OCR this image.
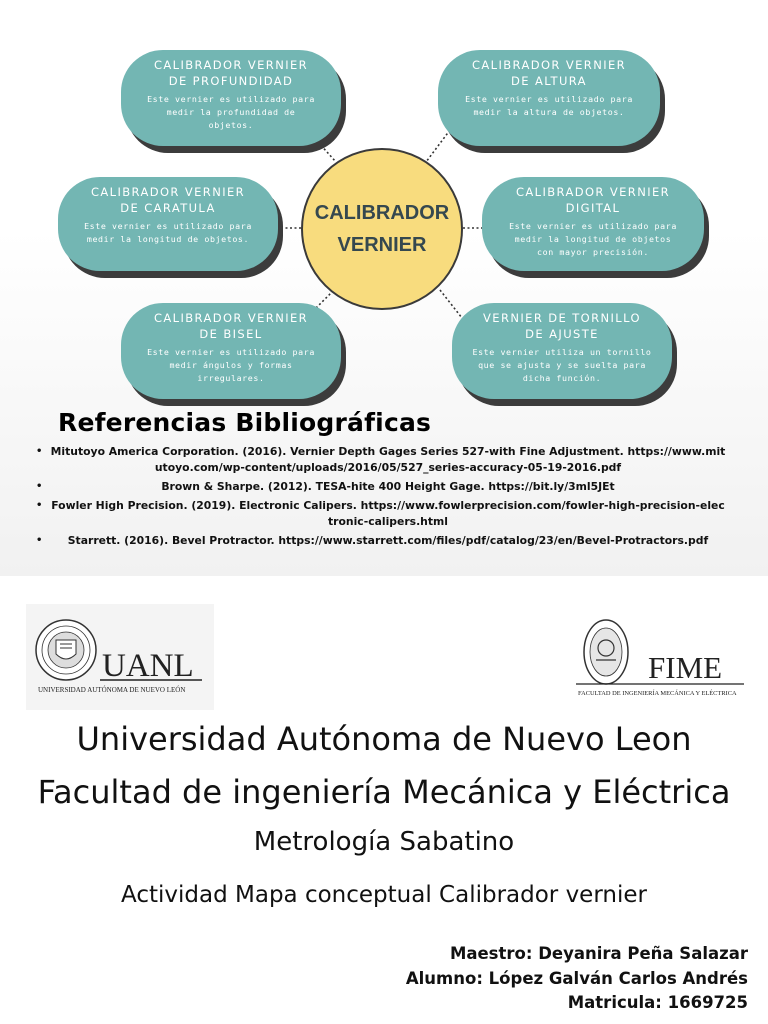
CALIBRADOR VERNIER
DE PROFUNDIDAD
Este vernier es utilizado para
medir la profundidad de
objetos.
CALIBRADOR VERNIER
DE ALTURA
Este vernier es utilizado para
medir la altura de objetos.
CALIBRADOR VERNIER
DE CARATULA
Este vernier es utilizado para
medir la longitud de objetos.
CALIBRADOR VERNIER
DIGITAL
Este vernier es utilizado para
medir la longitud de objetos
con mayor precisión.
CALIBRADOR VERNIER
DE BISEL
Este vernier es utilizado para
medir ángulos y formas
irregulares.
VERNIER DE TORNILLO
DE AJUSTE
Este vernier utiliza un tornillo
que se ajusta y se suelta para
dicha función.
CALIBRADOR
VERNIER
Referencias Bibliográficas
• Mitutoyo America Corporation. (2016). Vernier Depth Gages Series 527-with Fine Adjustment. https://www.mitutoyo.com/wp-content/uploads/2016/05/527_series-accuracy-05-19-2016.pdf
•	Brown & Sharpe. (2012). TESA-hite 400 Height Gage. https://bit.ly/3ml5JEt
• Fowler High Precision. (2019). Electronic Calipers. https://www.fowlerprecision.com/fowler-high-precision-electronic-calipers.html
• Starrett. (2016). Bevel Protractor. https://www.starrett.com/files/pdf/catalog/23/en/Bevel-Protractors.pdf
UANL
UNIVERSIDAD AUTÓNOMA DE NUEVO LEÓN
FIME
FACULTAD DE INGENIERÍA MECÁNICA Y ELÉCTRICA
Universidad Autónoma de Nuevo Leon
Facultad de ingeniería Mecánica y Eléctrica
Metrología Sabatino
Actividad Mapa conceptual Calibrador vernier
Maestro: Deyanira Peña Salazar
Alumno: López Galván Carlos Andrés
Matricula: 1669725
